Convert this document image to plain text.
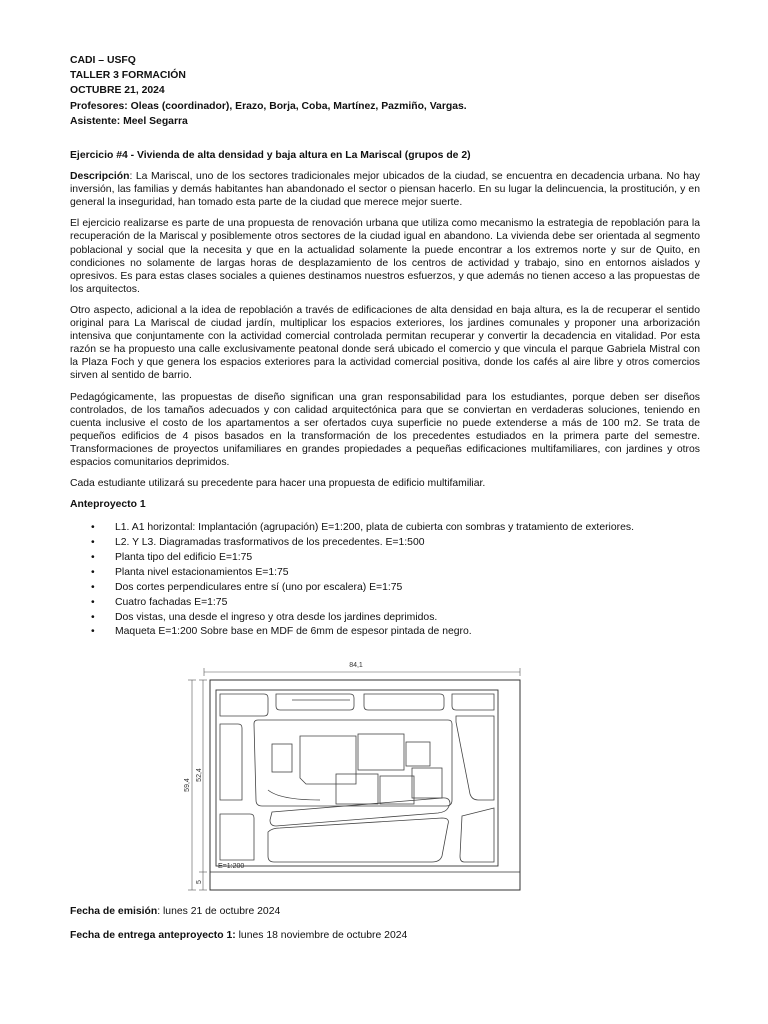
CADI – USFQ
TALLER 3 FORMACIÓN
OCTUBRE 21, 2024
Profesores: Oleas (coordinador), Erazo, Borja, Coba, Martínez, Pazmiño, Vargas.
Asistente: Meel Segarra
Ejercicio #4 - Vivienda de alta densidad y baja altura en La Mariscal (grupos de 2)

Descripción: La Mariscal, uno de los sectores tradicionales mejor ubicados de la ciudad, se encuentra en decadencia urbana. No hay inversión, las familias y demás habitantes han abandonado el sector o piensan hacerlo. En su lugar la delincuencia, la prostitución, y en general la inseguridad, han tomado esta parte de la ciudad que merece mejor suerte.

El ejercicio realizarse es parte de una propuesta de renovación urbana que utiliza como mecanismo la estrategia de repoblación para la recuperación de la Mariscal y posiblemente otros sectores de la ciudad igual en abandono. La vivienda debe ser orientada al segmento poblacional y social que la necesita y que en la actualidad solamente la puede encontrar a los extremos norte y sur de Quito, en condiciones no solamente de largas horas de desplazamiento de los centros de actividad y trabajo, sino en entornos aislados y opresivos. Es para estas clases sociales a quienes destinamos nuestros esfuerzos, y que además no tienen acceso a las propuestas de los arquitectos.

Otro aspecto, adicional a la idea de repoblación a través de edificaciones de alta densidad en baja altura, es la de recuperar el sentido original para La Mariscal de ciudad jardín, multiplicar los espacios exteriores, los jardines comunales y proponer una arborización intensiva que conjuntamente con la actividad comercial controlada permitan recuperar y convertir la decadencia en vitalidad. Por esta razón se ha propuesto una calle exclusivamente peatonal donde será ubicado el comercio y que vincula el parque Gabriela Mistral con la Plaza Foch y que genera los espacios exteriores para la actividad comercial positiva, donde los cafés al aire libre y otros comercios sirven al sentido de barrio.

Pedagógicamente, las propuestas de diseño significan una gran responsabilidad para los estudiantes, porque deben ser diseños controlados, de los tamaños adecuados y con calidad arquitectónica para que se conviertan en verdaderas soluciones, teniendo en cuenta inclusive el costo de los apartamentos a ser ofertados cuya superficie no puede extenderse a más de 100 m2. Se trata de pequeños edificios de 4 pisos basados en la transformación de los precedentes estudiados en la primera parte del semestre. Transformaciones de proyectos unifamiliares en grandes propiedades a pequeñas edificaciones multifamiliares, con jardines y otros espacios comunitarios deprimidos.

Cada estudiante utilizará su precedente para hacer una propuesta de edificio multifamiliar.

Anteproyecto 1
• L1. A1 horizontal: Implantación (agrupación) E=1:200, plata de cubierta con sombras y tratamiento de exteriores.
• L2. Y L3. Diagramadas trasformativos de los precedentes. E=1:500
• Planta tipo del edificio E=1:75
• Planta nivel estacionamientos E=1:75
• Dos cortes perpendiculares entre sí (uno por escalera) E=1:75
• Cuatro fachadas E=1:75
• Dos vistas, una desde el ingreso y otra desde los jardines deprimidos.
• Maqueta E=1:200 Sobre base en MDF de 6mm de espesor pintada de negro.
84,1
59,4
52,4
5
E=1:200
Fecha de emisión: lunes 21 de octubre 2024
Fecha de entrega anteproyecto 1: lunes 18 noviembre de octubre 2024
